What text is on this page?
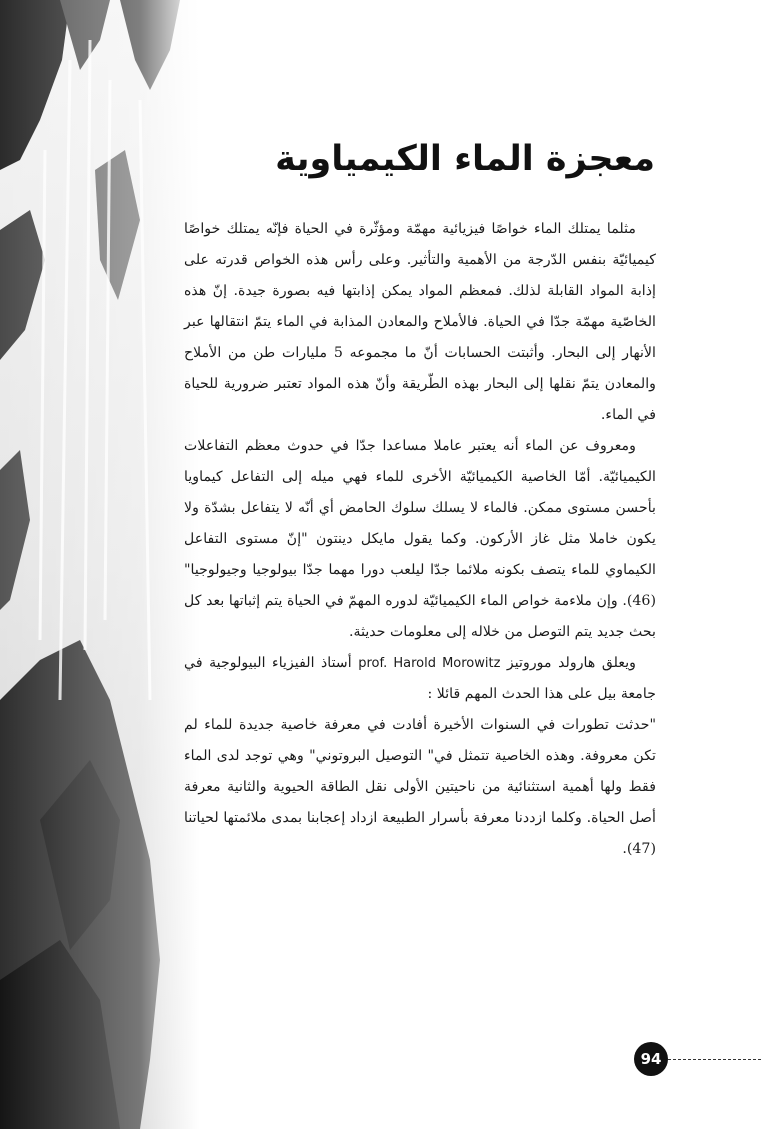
معجزة الماء الكيمياوية

مثلما يمتلك الماء خواصًا فيزيائية مهمّة ومؤثّرة في الحياة فإنّه يمتلك خواصًا كيميائيّة بنفس الدّرجة من الأهمية والتأثير. وعلى رأس هذه الخواص قدرته على إذابة المواد القابلة لذلك. فمعظم المواد يمكن إذابتها فيه بصورة جيدة. إنّ هذه الخاصّية مهمّة جدّا في الحياة. فالأملاح والمعادن المذابة في الماء يتمّ انتقالها عبر الأنهار إلى البحار. وأثبتت الحسابات أنّ ما مجموعه 5 مليارات طن من الأملاح والمعادن يتمّ نقلها إلى البحار بهذه الطّريقة وأنّ هذه المواد تعتبر ضرورية للحياة في الماء.

ومعروف عن الماء أنه يعتبر عاملا مساعدا جدّا في حدوث معظم التفاعلات الكيميائيّة. أمّا الخاصية الكيميائيّة الأخرى للماء فهي ميله إلى التفاعل كيماويا بأحسن مستوى ممكن. فالماء لا يسلك سلوك الحامض أي أنّه لا يتفاعل بشدّة ولا يكون خاملا مثل غاز الأركون. وكما يقول مايكل دينتون "إنّ مستوى التفاعل الكيماوي للماء يتصف بكونه ملائما جدّا ليلعب دورا مهما جدّا بيولوجيا وجيولوجيا" (46). وإن ملاءمة خواص الماء الكيميائيّة لدوره المهمّ في الحياة يتم إثباتها بعد كل بحث جديد يتم التوصل من خلاله إلى معلومات حديثة.

ويعلق هارولد موروتيز prof. Harold Morowitz أستاذ الفيزياء البيولوجية في جامعة بيل على هذا الحدث المهم قائلا :

"حدثت تطورات في السنوات الأخيرة أفادت في معرفة خاصية جديدة للماء لم تكن معروفة. وهذه الخاصية تتمثل في" التوصيل البروتوني" وهي توجد لدى الماء فقط ولها أهمية استثنائية من ناحيتين الأولى نقل الطاقة الحيوية والثانية معرفة أصل الحياة. وكلما ازددنا معرفة بأسرار الطبيعة ازداد إعجابنا بمدى ملائمتها لحياتنا (47).

94
